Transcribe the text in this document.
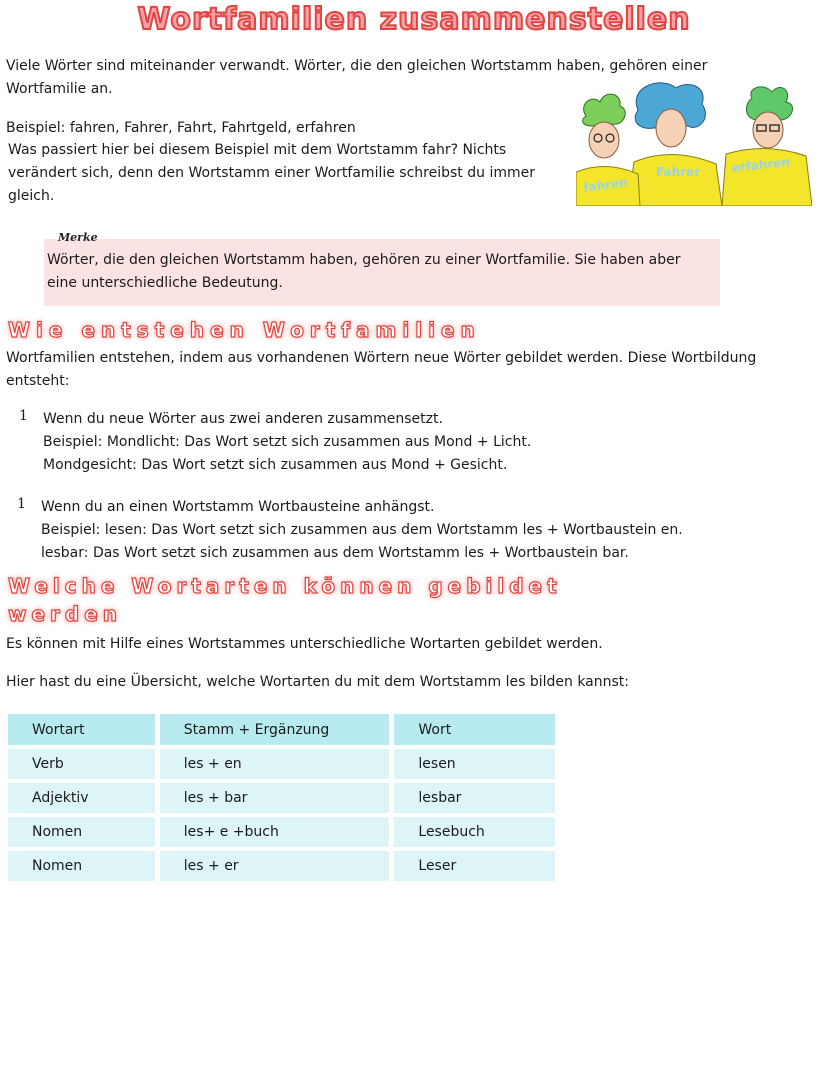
Wortfamilien zusammenstellen
Viele Wörter sind miteinander verwandt. Wörter, die den gleichen Wortstamm haben, gehören einer Wortfamilie an.
Beispiel: fahren, Fahrer, Fahrt, Fahrtgeld, erfahren
Was passiert hier bei diesem Beispiel mit dem Wortstamm fahr? Nichts verändert sich, denn den Wortstamm einer Wortfamilie schreibst du immer gleich.
fahren
Fahrer	erfahren
Merke
Wörter, die den gleichen Wortstamm haben, gehören zu einer Wortfamilie. Sie haben aber eine unterschiedliche Bedeutung.
Wie entstehen Wortfamilien
Wortfamilien entstehen, indem aus vorhandenen Wörtern neue Wörter gebildet werden. Diese Wortbildung entsteht:
1 Wenn du neue Wörter aus zwei anderen zusammensetzt.
Beispiel: Mondlicht: Das Wort setzt sich zusammen aus Mond + Licht.
Mondgesicht: Das Wort setzt sich zusammen aus Mond + Gesicht.
1 Wenn du an einen Wortstamm Wortbausteine anhängst.
Beispiel: lesen: Das Wort setzt sich zusammen aus dem Wortstamm les + Wortbaustein en.
lesbar: Das Wort setzt sich zusammen aus dem Wortstamm les + Wortbaustein bar.
Welche Wortarten können gebildet werden
Es können mit Hilfe eines Wortstammes unterschiedliche Wortarten gebildet werden.
Hier hast du eine Übersicht, welche Wortarten du mit dem Wortstamm les bilden kannst:
Wortart	Stamm + Ergänzung	Wort
Verb	les + en	lesen
Adjektiv	les + bar	lesbar
Nomen	les+ e +buch	Lesebuch
Nomen	les + er	Leser
